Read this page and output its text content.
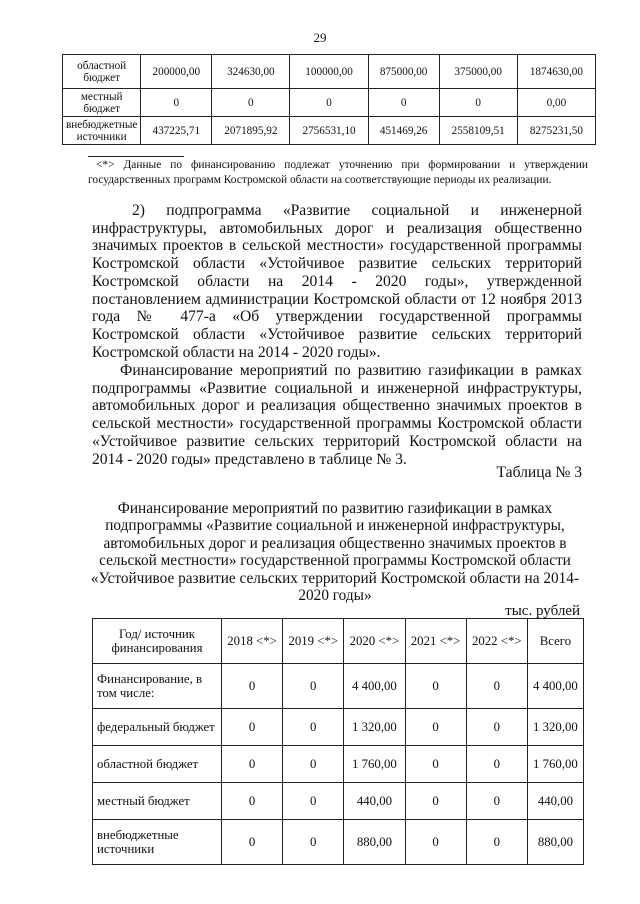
29
областной бюджет	200000,00	324630,00	100000,00	875000,00	375000,00	1874630,00
местный бюджет	0	0	0	0	0	0,00
внебюджетные источники	437225,71	2071895,92	2756531,10	451469,26	2558109,51	8275231,50
<*> Данные по финансированию подлежат уточнению при формировании и утверждении государственных программ Костромской области на соответствующие периоды их реализации.
2) подпрограмма «Развитие социальной и инженерной инфраструктуры, автомобильных дорог и реализация общественно значимых проектов в сельской местности» государственной программы Костромской области «Устойчивое развитие сельских территорий Костромской области на 2014 - 2020 годы», утвержденной постановлением администрации Костромской области от 12 ноября 2013 года № 477-а «Об утверждении государственной программы Костромской области «Устойчивое развитие сельских территорий Костромской области на 2014 - 2020 годы».
Финансирование мероприятий по развитию газификации в рамках подпрограммы «Развитие социальной и инженерной инфраструктуры, автомобильных дорог и реализация общественно значимых проектов в сельской местности» государственной программы Костромской области «Устойчивое развитие сельских территорий Костромской области на 2014 - 2020 годы» представлено в таблице № 3.
Таблица № 3
Финансирование мероприятий по развитию газификации в рамках подпрограммы «Развитие социальной и инженерной инфраструктуры, автомобильных дорог и реализация общественно значимых проектов в сельской местности» государственной программы Костромской области «Устойчивое развитие сельских территорий Костромской области на 2014-2020 годы»
тыс. рублей
Год/ источник финансирования	2018 <*>	2019 <*>	2020 <*>	2021 <*>	2022 <*>	Всего
Финансирование, в том числе:	0	0	4 400,00	0	0	4 400,00
федеральный бюджет	0	0	1 320,00	0	0	1 320,00
областной бюджет	0	0	1 760,00	0	0	1 760,00
местный бюджет	0	0	440,00	0	0	440,00
внебюджетные источники	0	0	880,00	0	0	880,00
